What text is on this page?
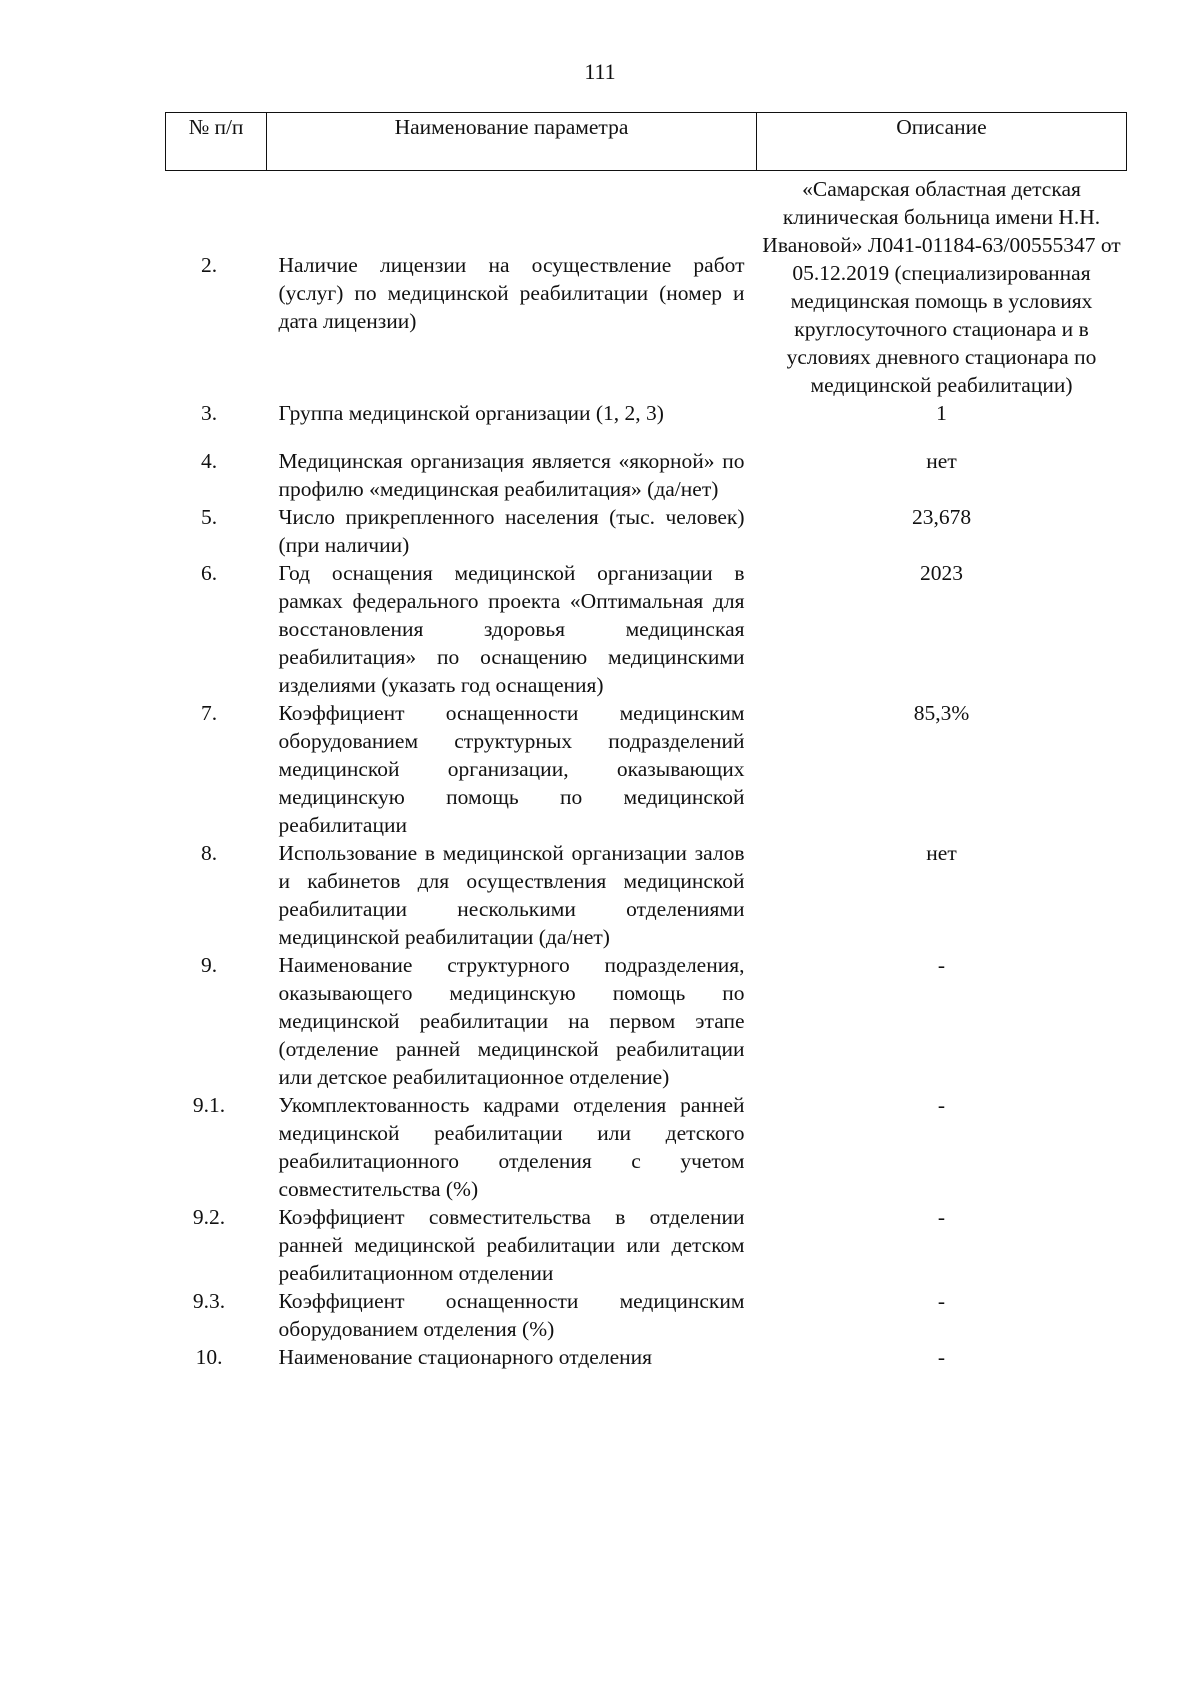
111
№ п/п	Наименование параметра	Описание
2.	Наличие лицензии на осуществление работ (услуг) по медицинской реабилитации (номер и дата лицензии)	«Самарская областная детская клиническая больница имени Н.Н. Ивановой» Л041-01184-63/00555347 от 05.12.2019 (специализированная медицинская помощь в условиях круглосуточного стационара и в условиях дневного стационара по медицинской реабилитации)
3.	Группа медицинской организации (1, 2, 3)	1
4.	Медицинская организация является «якорной» по профилю «медицинская реабилитация» (да/нет)	нет
5.	Число прикрепленного населения (тыс. человек) (при наличии)	23,678
6.	Год оснащения медицинской организации в рамках федерального проекта «Оптимальная для восстановления здоровья медицинская реабилитация» по оснащению медицинскими изделиями (указать год оснащения)	2023
7.	Коэффициент оснащенности медицинским оборудованием структурных подразделений медицинской организации, оказывающих медицинскую помощь по медицинской реабилитации	85,3%
8.	Использование в медицинской организации залов и кабинетов для осуществления медицинской реабилитации несколькими отделениями медицинской реабилитации (да/нет)	нет
9.	Наименование структурного подразделения, оказывающего медицинскую помощь по медицинской реабилитации на первом этапе (отделение ранней медицинской реабилитации или детское реабилитационное отделение)	-
9.1.	Укомплектованность кадрами отделения ранней медицинской реабилитации или детского реабилитационного отделения с учетом совместительства (%)	-
9.2.	Коэффициент совместительства в отделении ранней медицинской реабилитации или детском реабилитационном отделении	-
9.3.	Коэффициент оснащенности медицинским оборудованием отделения (%)	-
10.	Наименование стационарного отделения	-
